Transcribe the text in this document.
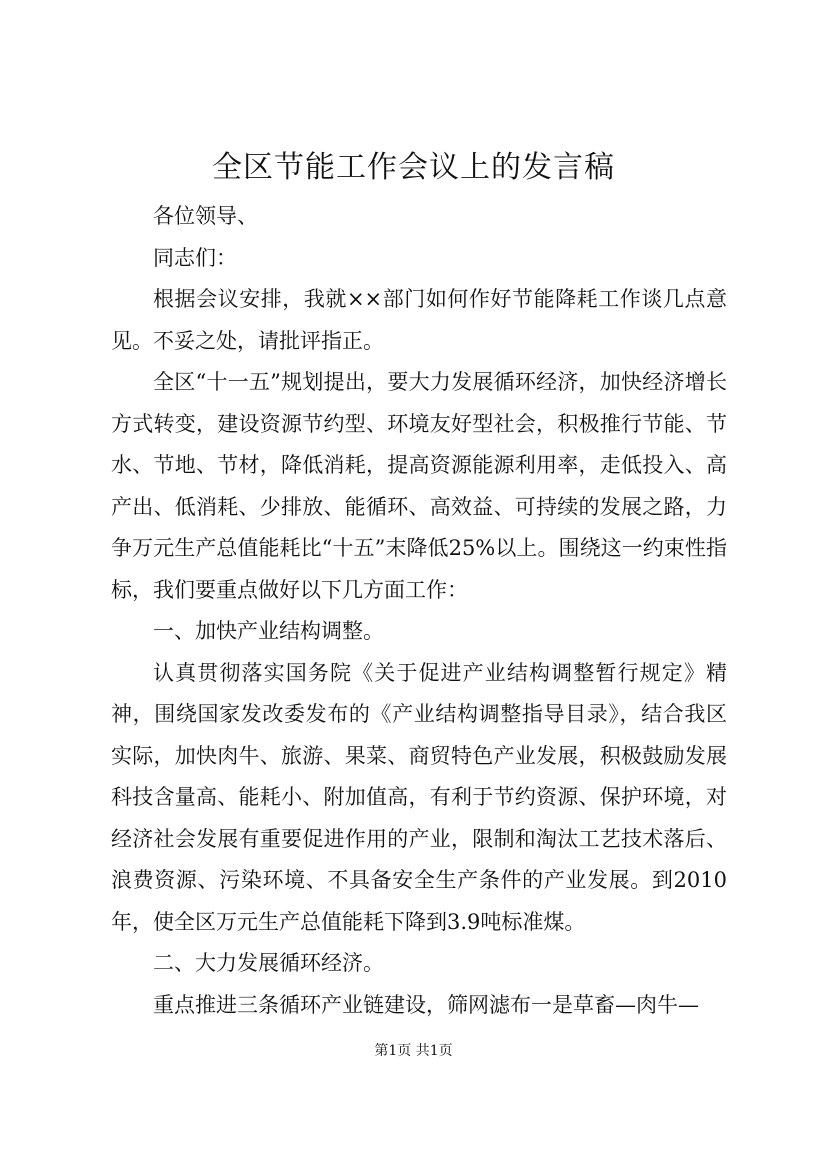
全区节能工作会议上的发言稿

各位领导、

同志们：

根据会议安排，我就××部门如何作好节能降耗工作谈几点意见。不妥之处，请批评指正。

全区“十一五”规划提出，要大力发展循环经济，加快经济增长方式转变，建设资源节约型、环境友好型社会，积极推行节能、节水、节地、节材，降低消耗，提高资源能源利用率，走低投入、高产出、低消耗、少排放、能循环、高效益、可持续的发展之路，力争万元生产总值能耗比“十五”末降低25%以上。围绕这一约束性指标，我们要重点做好以下几方面工作：

一、加快产业结构调整。

认真贯彻落实国务院《关于促进产业结构调整暂行规定》精神，围绕国家发改委发布的《产业结构调整指导目录》，结合我区实际，加快肉牛、旅游、果菜、商贸特色产业发展，积极鼓励发展科技含量高、能耗小、附加值高，有利于节约资源、保护环境，对经济社会发展有重要促进作用的产业，限制和淘汰工艺技术落后、浪费资源、污染环境、不具备安全生产条件的产业发展。到2010年，使全区万元生产总值能耗下降到3.9吨标准煤。

二、大力发展循环经济。

重点推进三条循环产业链建设，筛网滤布一是草畜—肉牛—

第1页 共1页
